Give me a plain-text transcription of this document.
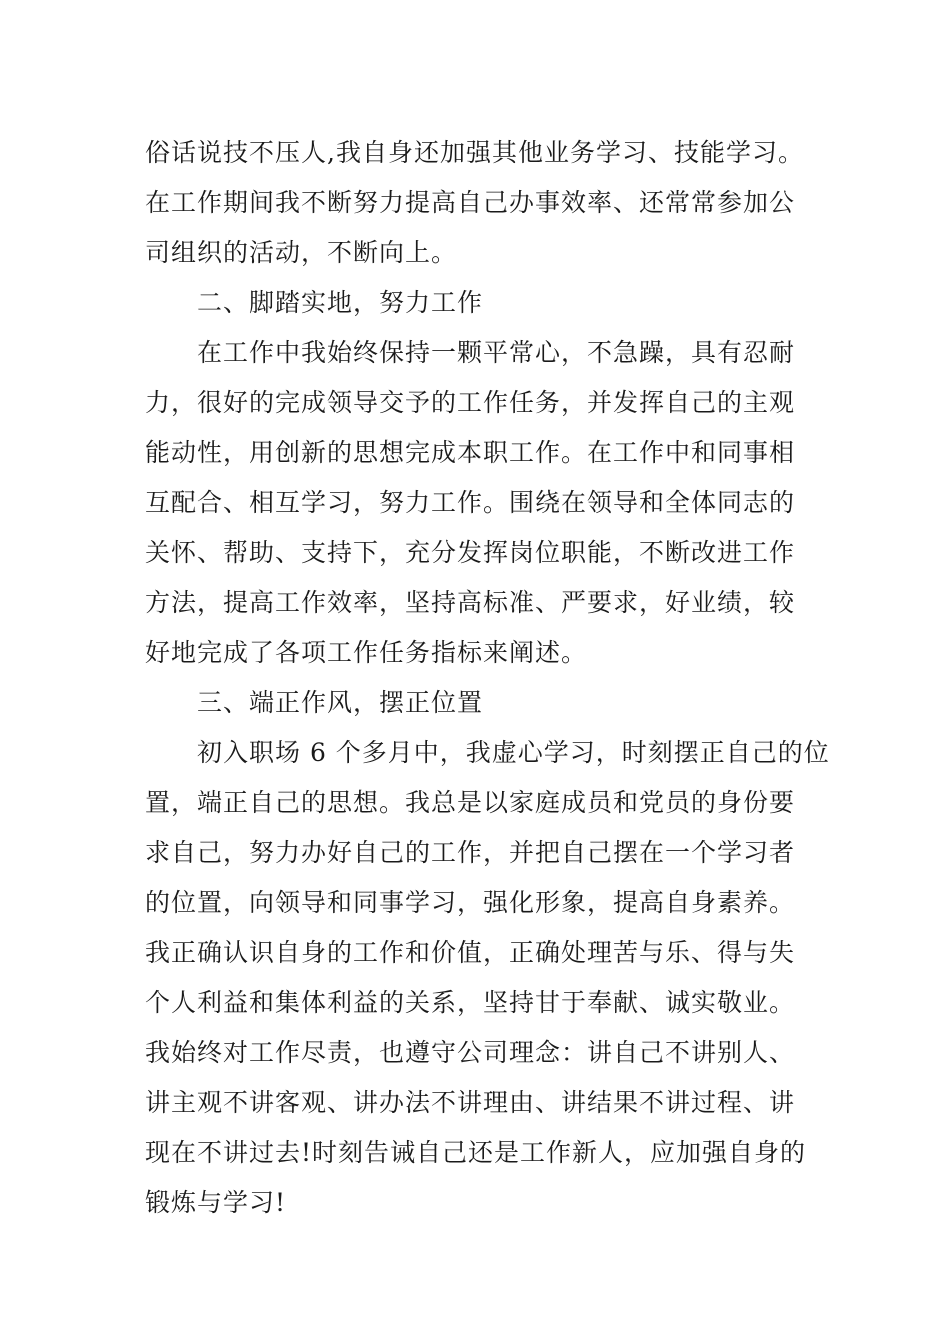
俗话说技不压人,我自身还加强其他业务学习、技能学习。
在工作期间我不断努力提高自己办事效率、还常常参加公
司组织的活动，不断向上。
二、脚踏实地，努力工作
在工作中我始终保持一颗平常心，不急躁，具有忍耐
力，很好的完成领导交予的工作任务，并发挥自己的主观
能动性，用创新的思想完成本职工作。在工作中和同事相
互配合、相互学习，努力工作。围绕在领导和全体同志的
关怀、帮助、支持下，充分发挥岗位职能，不断改进工作
方法，提高工作效率，坚持高标准、严要求，好业绩，较
好地完成了各项工作任务指标来阐述。
三、端正作风，摆正位置
初入职场 6 个多月中，我虚心学习，时刻摆正自己的位
置，端正自己的思想。我总是以家庭成员和党员的身份要
求自己，努力办好自己的工作，并把自己摆在一个学习者
的位置，向领导和同事学习，强化形象，提高自身素养。
我正确认识自身的工作和价值，正确处理苦与乐、得与失
个人利益和集体利益的关系，坚持甘于奉献、诚实敬业。
我始终对工作尽责，也遵守公司理念：讲自己不讲别人、
讲主观不讲客观、讲办法不讲理由、讲结果不讲过程、讲
现在不讲过去!时刻告诫自己还是工作新人，应加强自身的
锻炼与学习!
